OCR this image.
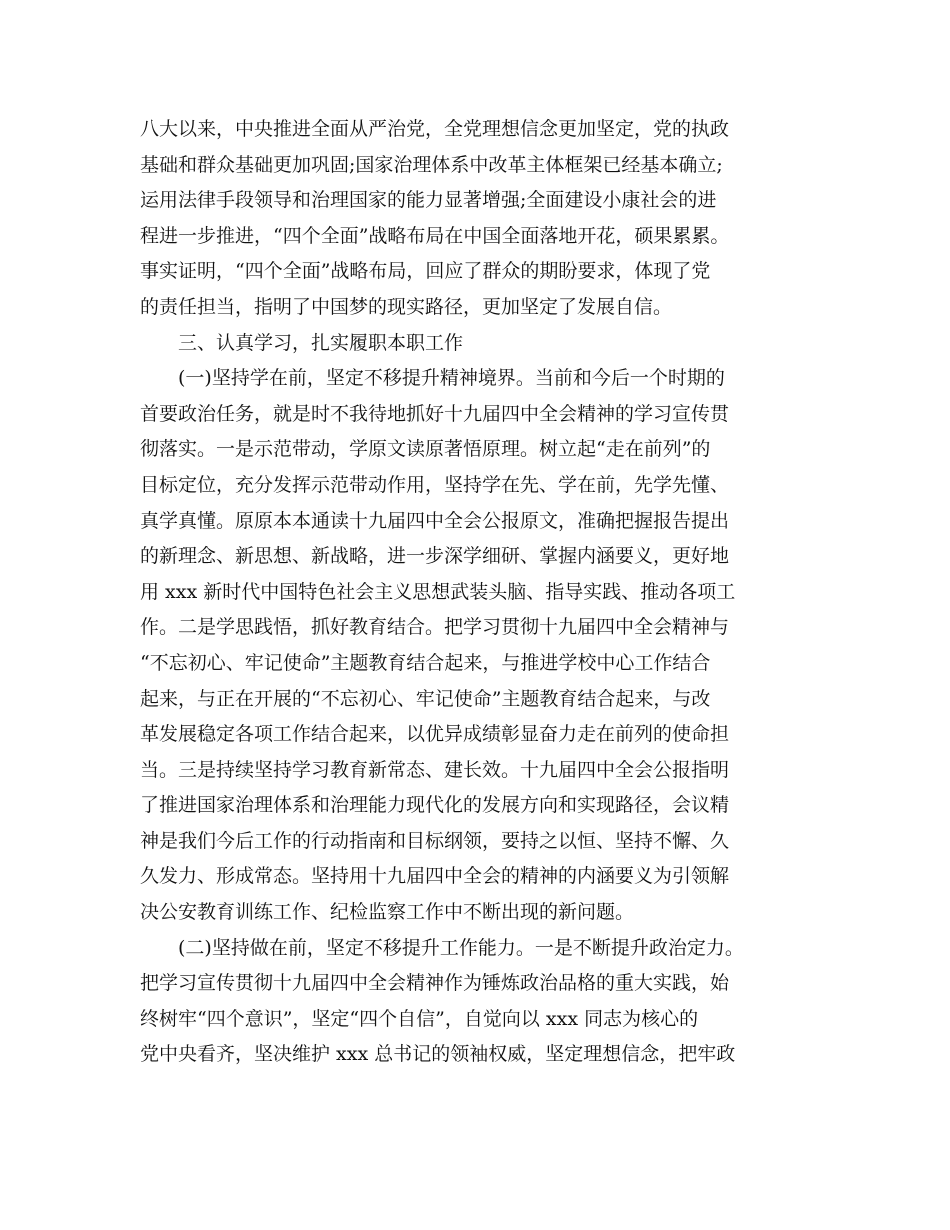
八大以来，中央推进全面从严治党，全党理想信念更加坚定，党的执政
基础和群众基础更加巩固;国家治理体系中改革主体框架已经基本确立;
运用法律手段领导和治理国家的能力显著增强;全面建设小康社会的进
程进一步推进，“四个全面”战略布局在中国全面落地开花，硕果累累。
事实证明，“四个全面”战略布局，回应了群众的期盼要求，体现了党
的责任担当，指明了中国梦的现实路径，更加坚定了发展自信。
三、认真学习，扎实履职本职工作
(一)坚持学在前，坚定不移提升精神境界。当前和今后一个时期的
首要政治任务，就是时不我待地抓好十九届四中全会精神的学习宣传贯
彻落实。一是示范带动，学原文读原著悟原理。树立起“走在前列”的
目标定位，充分发挥示范带动作用，坚持学在先、学在前，先学先懂、
真学真懂。原原本本通读十九届四中全会公报原文，准确把握报告提出
的新理念、新思想、新战略，进一步深学细研、掌握内涵要义，更好地
用 xxx 新时代中国特色社会主义思想武装头脑、指导实践、推动各项工
作。二是学思践悟，抓好教育结合。把学习贯彻十九届四中全会精神与
“不忘初心、牢记使命”主题教育结合起来，与推进学校中心工作结合
起来，与正在开展的“不忘初心、牢记使命”主题教育结合起来，与改
革发展稳定各项工作结合起来，以优异成绩彰显奋力走在前列的使命担
当。三是持续坚持学习教育新常态、建长效。十九届四中全会公报指明
了推进国家治理体系和治理能力现代化的发展方向和实现路径，会议精
神是我们今后工作的行动指南和目标纲领，要持之以恒、坚持不懈、久
久发力、形成常态。坚持用十九届四中全会的精神的内涵要义为引领解
决公安教育训练工作、纪检监察工作中不断出现的新问题。
(二)坚持做在前，坚定不移提升工作能力。一是不断提升政治定力。
把学习宣传贯彻十九届四中全会精神作为锤炼政治品格的重大实践，始
终树牢“四个意识”，坚定“四个自信”，自觉向以 xxx 同志为核心的
党中央看齐，坚决维护 xxx 总书记的领袖权威，坚定理想信念，把牢政
